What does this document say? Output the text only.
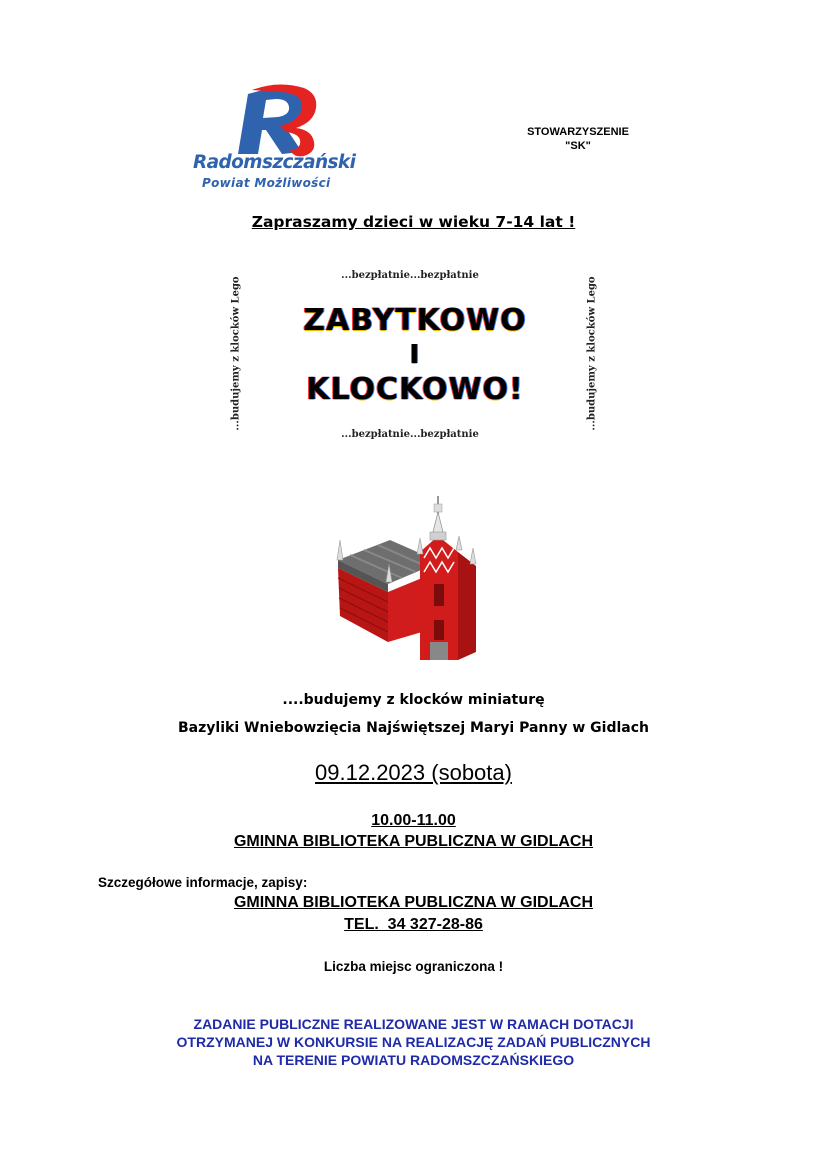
Radomszczański
Powiat Możliwości
STOWARZYSZENIE
"SK"
Zapraszamy dzieci w wieku 7-14 lat !
...bezpłatnie...bezpłatnie
...budujemy z klocków Lego	...budujemy z klocków Lego
ZABYTKOWO
I
KLOCKOWO!
...bezpłatnie...bezpłatnie
....budujemy z klocków miniaturę
Bazyliki Wniebowzięcia Najświętszej Maryi Panny w Gidlach
09.12.2023 (sobota)
10.00-11.00
GMINNA BIBLIOTEKA PUBLICZNA W GIDLACH
Szczegółowe informacje, zapisy:
GMINNA BIBLIOTEKA PUBLICZNA W GIDLACH
TEL.  34 327-28-86
Liczba miejsc ograniczona !
ZADANIE PUBLICZNE REALIZOWANE JEST W RAMACH DOTACJI
OTRZYMANEJ W KONKURSIE NA REALIZACJĘ ZADAŃ PUBLICZNYCH
NA TERENIE POWIATU RADOMSZCZAŃSKIEGO
